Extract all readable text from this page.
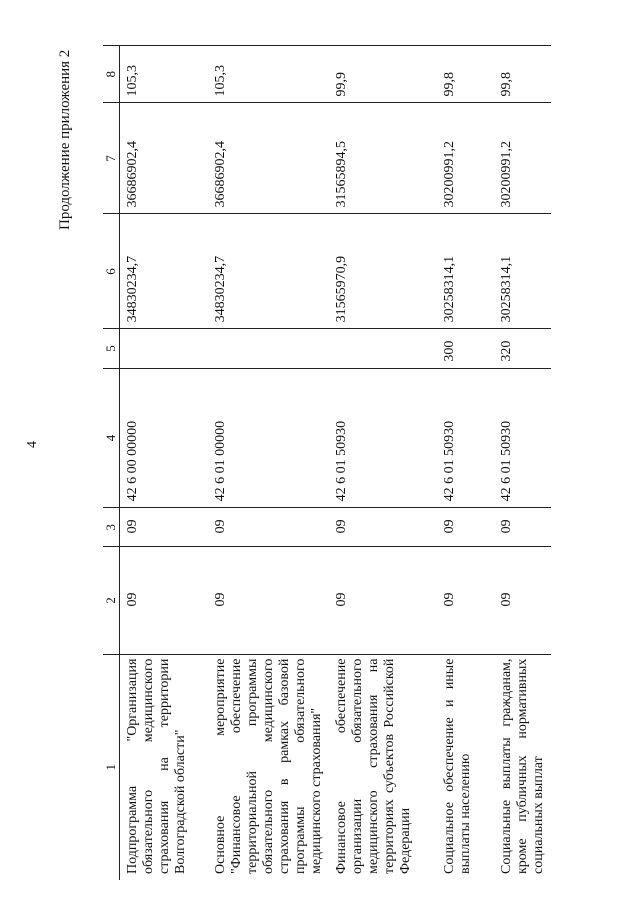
4
Продолжение приложения 2
1	2	3	4	5	6	7	8
Подпрограмма "Организация обязательного медицинского страхования на территории Волгоградской области"	09	09	42 6 00 00000		34830234,7	36686902,4	105,3
Основное мероприятие "Финансовое обеспечение территориальной программы обязательного медицинского страхования в рамках базовой программы обязательного медицинского страхования"	09	09	42 6 01 00000		34830234,7	36686902,4	105,3
Финансовое обеспечение организации обязательного медицинского страхования на территориях субъектов Российской Федерации	09	09	42 6 01 50930		31565970,9	31565894,5	99,9
Социальное обеспечение и иные выплаты населению	09	09	42 6 01 50930	300	30258314,1	30200991,2	99,8
Социальные выплаты гражданам, кроме публичных нормативных социальных выплат	09	09	42 6 01 50930	320	30258314,1	30200991,2	99,8
